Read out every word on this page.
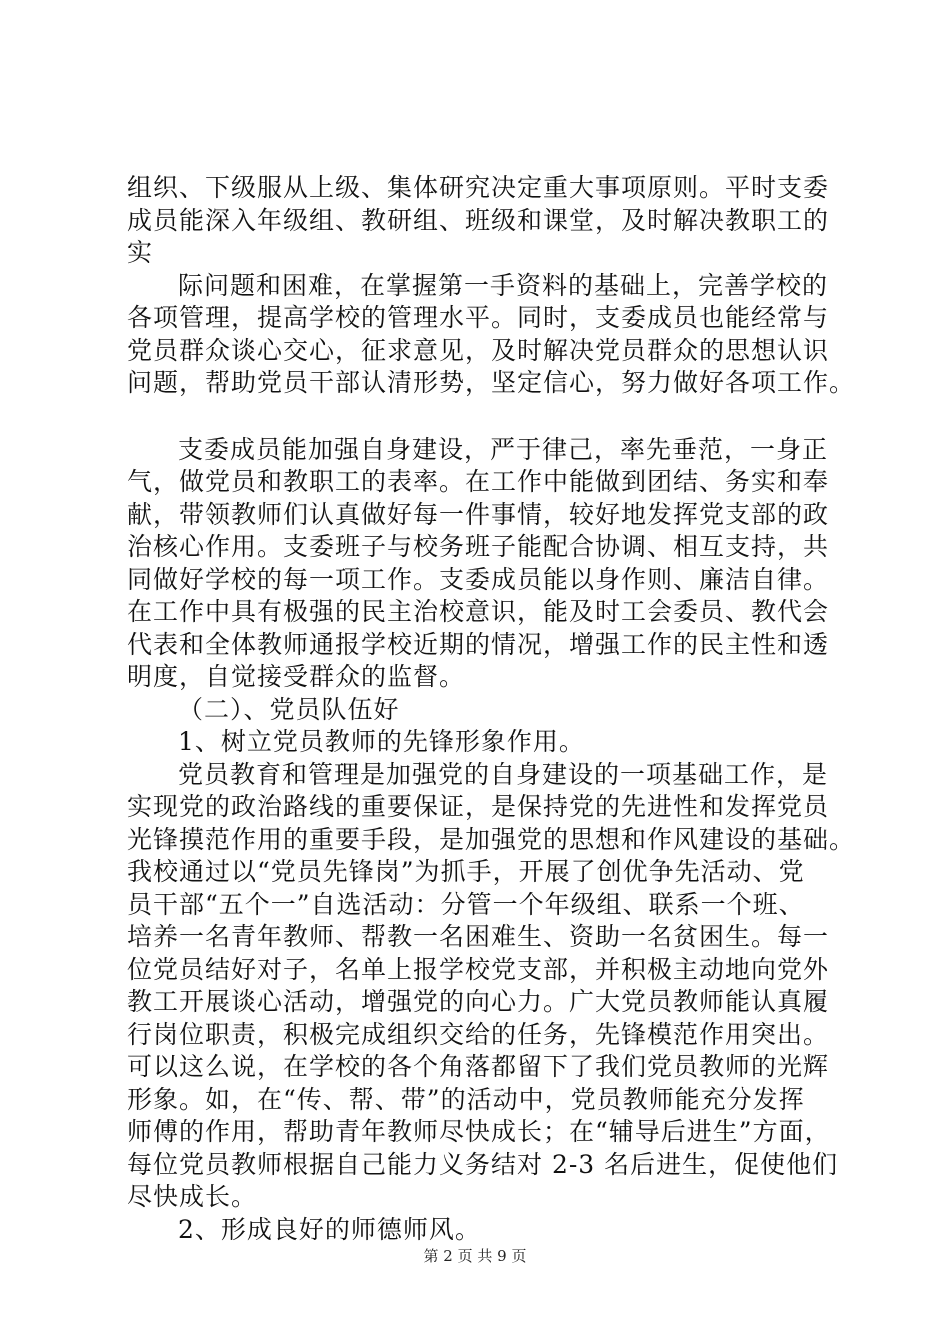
组织、下级服从上级、集体研究决定重大事项原则。平时支委
成员能深入年级组、教研组、班级和课堂，及时解决教职工的
实
际问题和困难，在掌握第一手资料的基础上，完善学校的
各项管理，提高学校的管理水平。同时，支委成员也能经常与
党员群众谈心交心，征求意见，及时解决党员群众的思想认识
问题，帮助党员干部认清形势，坚定信心，努力做好各项工作。
支委成员能加强自身建设，严于律己，率先垂范，一身正
气，做党员和教职工的表率。在工作中能做到团结、务实和奉
献，带领教师们认真做好每一件事情，较好地发挥党支部的政
治核心作用。支委班子与校务班子能配合协调、相互支持，共
同做好学校的每一项工作。支委成员能以身作则、廉洁自律。
在工作中具有极强的民主治校意识，能及时工会委员、教代会
代表和全体教师通报学校近期的情况，增强工作的民主性和透
明度，自觉接受群众的监督。
（二）、党员队伍好
1、树立党员教师的先锋形象作用。
党员教育和管理是加强党的自身建设的一项基础工作，是
实现党的政治路线的重要保证，是保持党的先进性和发挥党员
光锋摸范作用的重要手段，是加强党的思想和作风建设的基础。
我校通过以“党员先锋岗”为抓手，开展了创优争先活动、党
员干部“五个一”自选活动：分管一个年级组、联系一个班、
培养一名青年教师、帮教一名困难生、资助一名贫困生。每一
位党员结好对子，名单上报学校党支部，并积极主动地向党外
教工开展谈心活动，增强党的向心力。广大党员教师能认真履
行岗位职责，积极完成组织交给的任务，先锋模范作用突出。
可以这么说，在学校的各个角落都留下了我们党员教师的光辉
形象。如，在“传、帮、带”的活动中，党员教师能充分发挥
师傅的作用，帮助青年教师尽快成长；在“辅导后进生”方面，
每位党员教师根据自己能力义务结对 2-3 名后进生，促使他们
尽快成长。
2、形成良好的师德师风。
第 2 页 共 9 页
